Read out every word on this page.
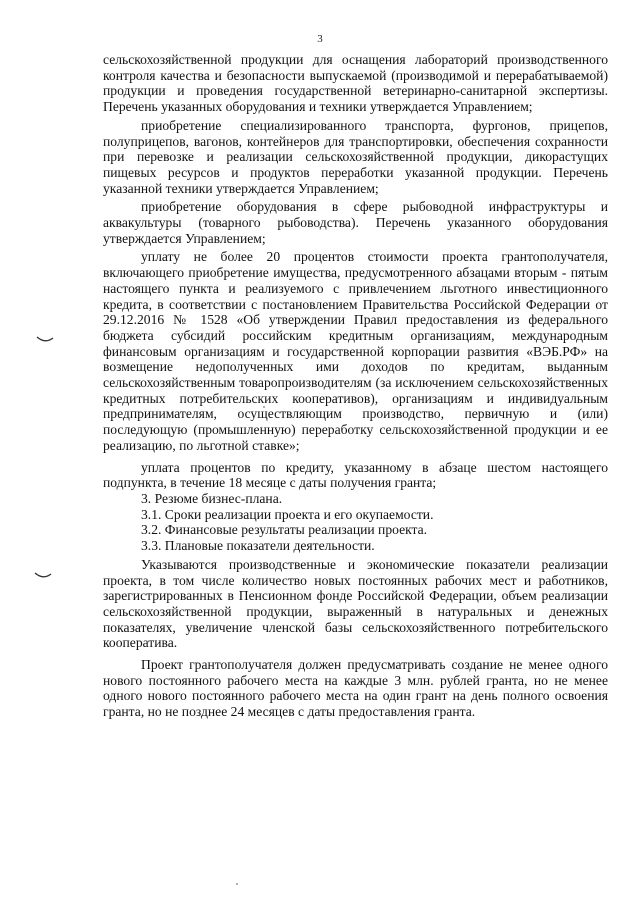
3

сельскохозяйственной продукции для оснащения лабораторий производственного контроля качества и безопасности выпускаемой (производимой и перерабатываемой) продукции и проведения государственной ветеринарно-санитарной экспертизы. Перечень указанных оборудования и техники утверждается Управлением;

приобретение специализированного транспорта, фургонов, прицепов, полуприцепов, вагонов, контейнеров для транспортировки, обеспечения сохранности при перевозке и реализации сельскохозяйственной продукции, дикорастущих пищевых ресурсов и продуктов переработки указанной продукции. Перечень указанной техники утверждается Управлением;

приобретение оборудования в сфере рыбоводной инфраструктуры и аквакультуры (товарного рыбоводства). Перечень указанного оборудования утверждается Управлением;

уплату не более 20 процентов стоимости проекта грантополучателя, включающего приобретение имущества, предусмотренного абзацами вторым - пятым настоящего пункта и реализуемого с привлечением льготного инвестиционного кредита, в соответствии с постановлением Правительства Российской Федерации от 29.12.2016 № 1528 «Об утверждении Правил предоставления из федерального бюджета субсидий российским кредитным организациям, международным финансовым организациям и государственной корпорации развития «ВЭБ.РФ» на возмещение недополученных ими доходов по кредитам, выданным сельскохозяйственным товаропроизводителям (за исключением сельскохозяйственных кредитных потребительских кооперативов), организациям и индивидуальным предпринимателям, осуществляющим производство, первичную и (или) последующую (промышленную) переработку сельскохозяйственной продукции и ее реализацию, по льготной ставке»;

уплата процентов по кредиту, указанному в абзаце шестом настоящего подпункта, в течение 18 месяце с даты получения гранта;

3. Резюме бизнес-плана.

3.1. Сроки реализации проекта и его окупаемости.

3.2. Финансовые результаты реализации проекта.

3.3. Плановые показатели деятельности.

Указываются производственные и экономические показатели реализации проекта, в том числе количество новых постоянных рабочих мест и работников, зарегистрированных в Пенсионном фонде Российской Федерации, объем реализации сельскохозяйственной продукции, выраженный в натуральных и денежных показателях, увеличение членской базы сельскохозяйственного потребительского кооператива.

Проект грантополучателя должен предусматривать создание не менее одного нового постоянного рабочего места на каждые 3 млн. рублей гранта, но не менее одного нового постоянного рабочего места на один грант на день полного освоения гранта, но не позднее 24 месяцев с даты предоставления гранта.
